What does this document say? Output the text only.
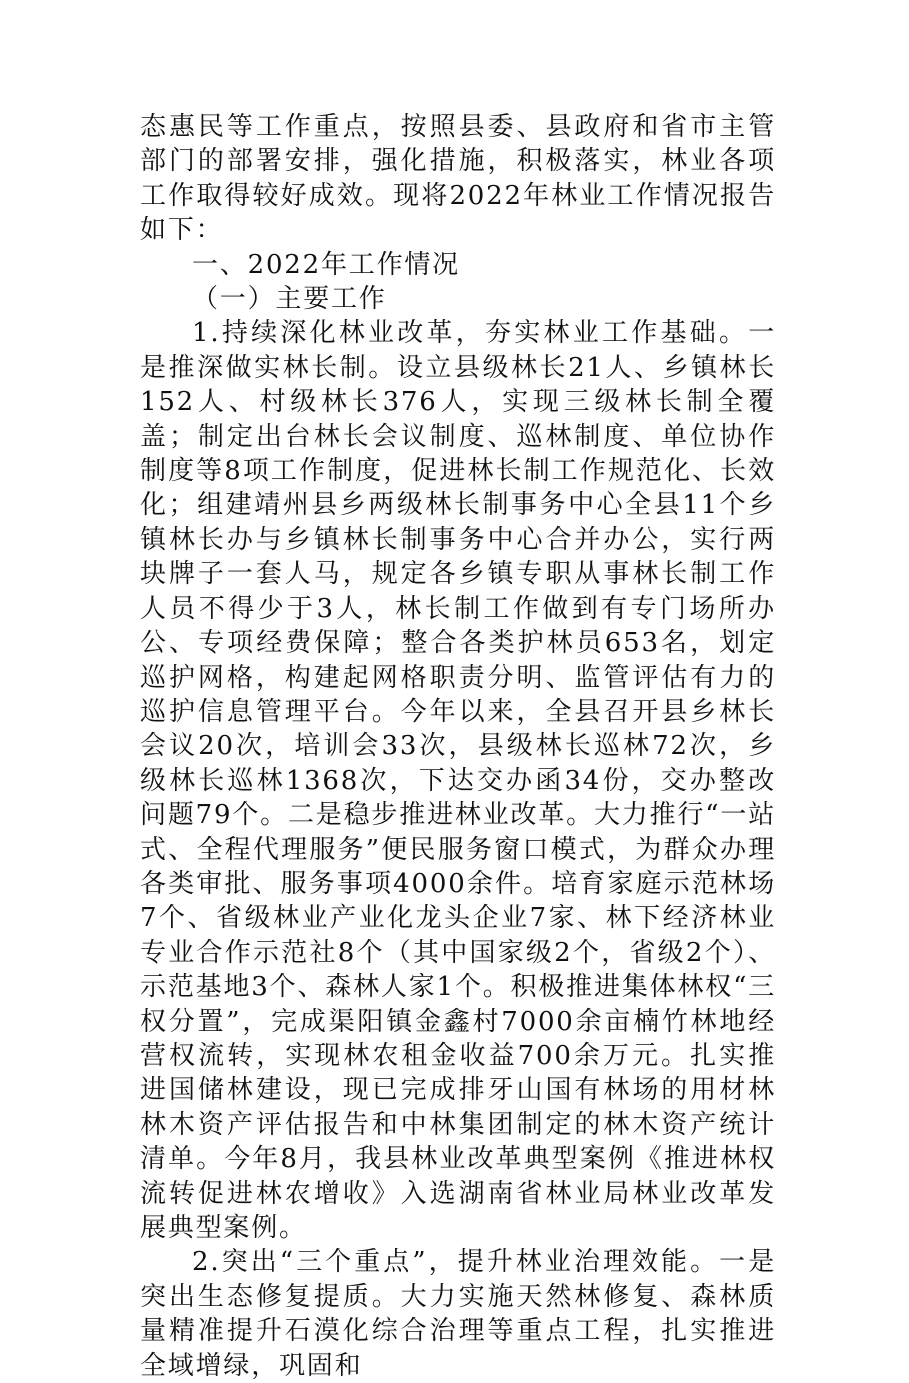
态惠民等工作重点，按照县委、县政府和省市主管部门的部署安排，强化措施，积极落实，林业各项工作取得较好成效。现将2022年林业工作情况报告如下：

一、2022年工作情况

（一）主要工作

1.持续深化林业改革，夯实林业工作基础。一是推深做实林长制。设立县级林长21人、乡镇林长152人、村级林长376人，实现三级林长制全覆盖；制定出台林长会议制度、巡林制度、单位协作制度等8项工作制度，促进林长制工作规范化、长效化；组建靖州县乡两级林长制事务中心全县11个乡镇林长办与乡镇林长制事务中心合并办公，实行两块牌子一套人马，规定各乡镇专职从事林长制工作人员不得少于3人，林长制工作做到有专门场所办公、专项经费保障；整合各类护林员653名，划定巡护网格，构建起网格职责分明、监管评估有力的巡护信息管理平台。今年以来，全县召开县乡林长会议20次，培训会33次，县级林长巡林72次，乡级林长巡林1368次，下达交办函34份，交办整改问题79个。二是稳步推进林业改革。大力推行“一站式、全程代理服务”便民服务窗口模式，为群众办理各类审批、服务事项4000余件。培育家庭示范林场7个、省级林业产业化龙头企业7家、林下经济林业专业合作示范社8个（其中国家级2个，省级2个）、示范基地3个、森林人家1个。积极推进集体林权“三权分置”，完成渠阳镇金鑫村7000余亩楠竹林地经营权流转，实现林农租金收益700余万元。扎实推进国储林建设，现已完成排牙山国有林场的用材林林木资产评估报告和中林集团制定的林木资产统计清单。今年8月，我县林业改革典型案例《推进林权流转促进林农增收》入选湖南省林业局林业改革发展典型案例。

2.突出“三个重点”，提升林业治理效能。一是突出生态修复提质。大力实施天然林修复、森林质量精准提升石漠化综合治理等重点工程，扎实推进全域增绿，巩固和
